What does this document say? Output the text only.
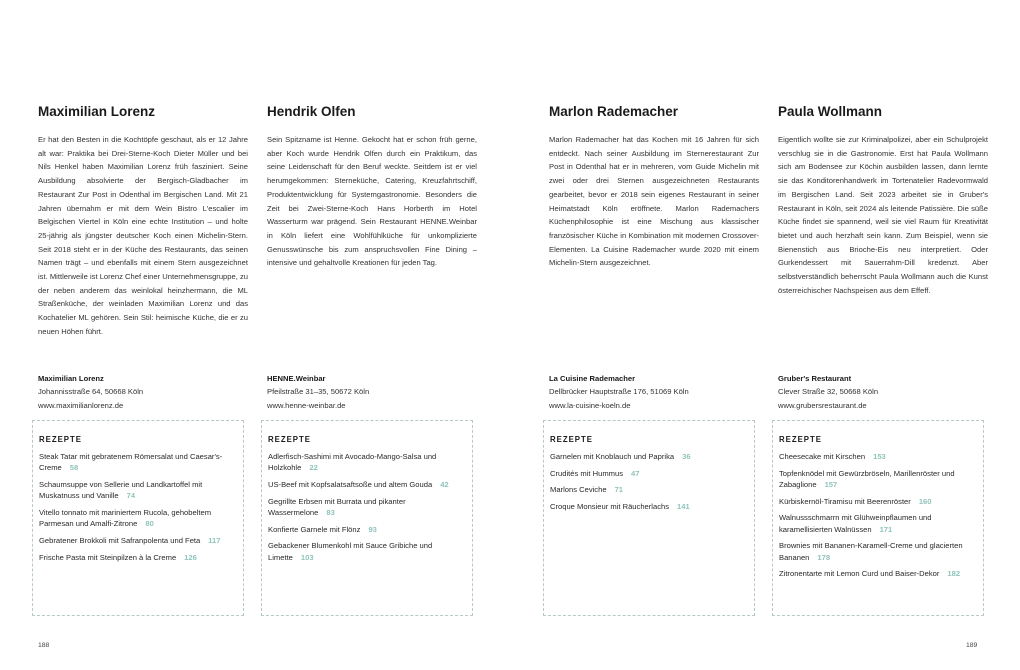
Maximilian Lorenz

Er hat den Besten in die Kochtöpfe geschaut, als er 12 Jahre alt war: Praktika bei Drei-Sterne-Koch Dieter Müller und bei Nils Henkel haben Maximilian Lorenz früh fasziniert. Seine Ausbildung absolvierte der Bergisch-Gladbacher im Restaurant Zur Post in Odenthal im Bergischen Land. Mit 21 Jahren übernahm er mit dem Wein Bistro L'escalier im Belgischen Viertel in Köln eine echte Institution – und holte 25-jährig als jüngster deutscher Koch einen Michelin-Stern. Seit 2018 steht er in der Küche des Restaurants, das seinen Namen trägt – und ebenfalls mit einem Stern ausgezeichnet ist. Mittlerweile ist Lorenz Chef einer Unternehmensgruppe, zu der neben anderem das weinlokal heinzhermann, die ML Straßenküche, der weinladen Maximilian Lorenz und das Kochatelier ML gehören. Sein Stil: heimische Küche, die er zu neuen Höhen führt.

Maximilian Lorenz
Johannisstraße 64, 50668 Köln
www.maximilianlorenz.de
REZEPTE
Steak Tatar mit gebratenem Römersalat und Caesar's-Creme 58
Schaumsuppe von Sellerie und Landkartoffel mit Muskatnuss und Vanille 74
Vitello tonnato mit mariniertem Rucola, gehobeltem Parmesan und Amalfi-Zitrone 80
Gebratener Brokkoli mit Safranpolenta und Feta 117
Frische Pasta mit Steinpilzen à la Creme 126
Hendrik Olfen

Sein Spitzname ist Henne. Gekocht hat er schon früh gerne, aber Koch wurde Hendrik Olfen durch ein Praktikum, das seine Leidenschaft für den Beruf weckte. Seitdem ist er viel herumgekommen: Sterneküche, Catering, Kreuzfahrtschiff, Produktentwicklung für Systemgastronomie. Besonders die Zeit bei Zwei-Sterne-Koch Hans Horberth im Hotel Wasserturm war prägend. Sein Restaurant HENNE.Weinbar in Köln liefert eine Wohlfühlküche für unkomplizierte Genusswünsche bis zum anspruchsvollen Fine Dining – intensive und gehaltvolle Kreationen für jeden Tag.

HENNE.Weinbar
Pfeilstraße 31–35, 50672 Köln
www.henne-weinbar.de
REZEPTE
Adlerfisch-Sashimi mit Avocado-Mango-Salsa und Holzkohle 22
US-Beef mit Kopfsalatsaftsoße und altem Gouda 42
Gegrillte Erbsen mit Burrata und pikanter Wassermelone 83
Konfierte Garnele mit Flönz 93
Gebackener Blumenkohl mit Sauce Gribiche und Limette 103
Marlon Rademacher

Marlon Rademacher hat das Kochen mit 16 Jahren für sich entdeckt. Nach seiner Ausbildung im Sternerestaurant Zur Post in Odenthal hat er in mehreren, vom Guide Michelin mit zwei oder drei Sternen ausgezeichneten Restaurants gearbeitet, bevor er 2018 sein eigenes Restaurant in seiner Heimatstadt Köln eröffnete. Marlon Rademachers Küchenphilosophie ist eine Mischung aus klassischer französischer Küche in Kombination mit modernen Crossover-Elementen. La Cuisine Rademacher wurde 2020 mit einem Michelin-Stern ausgezeichnet.

La Cuisine Rademacher
Dellbrücker Hauptstraße 176, 51069 Köln
www.la-cuisine-koeln.de
REZEPTE
Garnelen mit Knoblauch und Paprika 36
Crudités mit Hummus 47
Marlons Ceviche 71
Croque Monsieur mit Räucherlachs 141
Paula Wollmann

Eigentlich wollte sie zur Kriminalpolizei, aber ein Schulprojekt verschlug sie in die Gastronomie. Erst hat Paula Wollmann sich am Bodensee zur Köchin ausbilden lassen, dann lernte sie das Konditorenhandwerk im Tortenatelier Radevormwald im Bergischen Land. Seit 2023 arbeitet sie in Gruber's Restaurant in Köln, seit 2024 als leitende Patissière. Die süße Küche findet sie spannend, weil sie viel Raum für Kreativität bietet und auch herzhaft sein kann. Zum Beispiel, wenn sie Bienenstich aus Brioche-Eis neu interpretiert. Oder Gurkendessert mit Sauerrahm-Dill kredenzt. Aber selbstverständlich beherrscht Paula Wollmann auch die Kunst österreichischer Nachspeisen aus dem Effeff.

Gruber's Restaurant
Clever Straße 32, 50668 Köln
www.grubersrestaurant.de
REZEPTE
Cheesecake mit Kirschen 153
Topfenknödel mit Gewürzbröseln, Marillenröster und Zabaglione 157
Kürbiskernöl-Tiramisu mit Beerenröster 160
Walnussschmarrn mit Glühweinpflaumen und karamellisierten Walnüssen 171
Brownies mit Bananen-Karamell-Creme und glacierten Bananen 178
Zitronentarte mit Lemon Curd und Baiser-Dekor 182
188	189
